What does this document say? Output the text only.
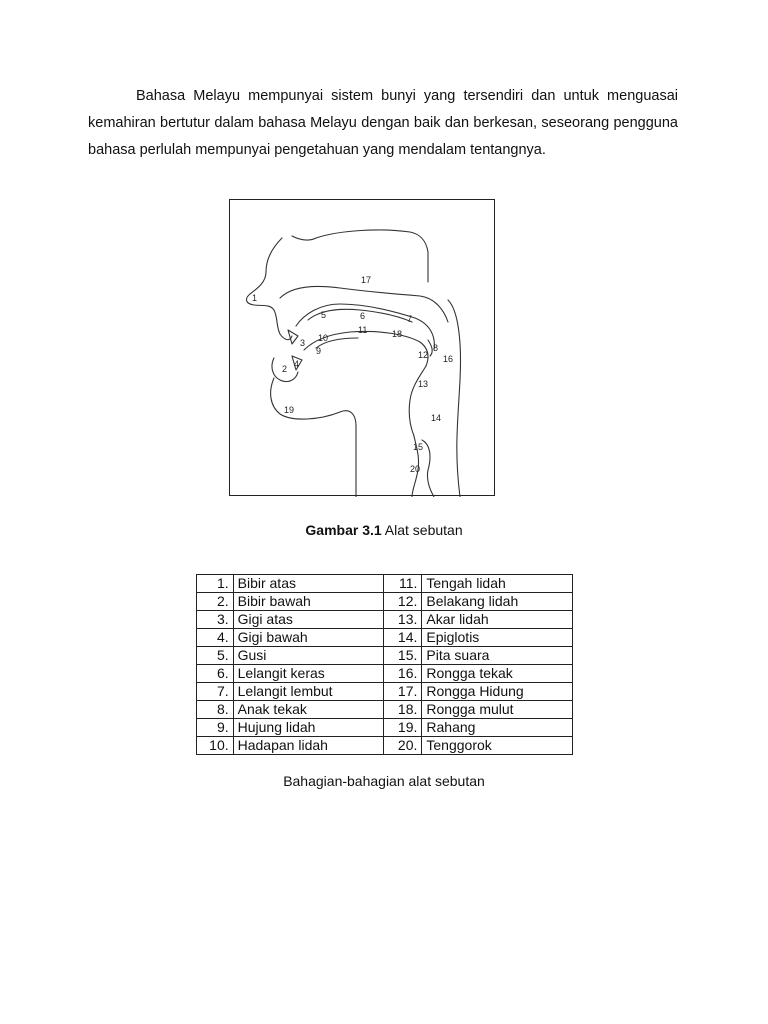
Bahasa Melayu mempunyai sistem bunyi yang tersendiri dan untuk menguasai kemahiran bertutur dalam bahasa Melayu dengan baik dan berkesan, seseorang pengguna bahasa perlulah mempunyai pengetahuan yang mendalam tentangnya.

1
2
3
4
5	6	7
8
9
10
11
12
13
14
15
16
17
18
19
20
Gambar 3.1 Alat sebutan
1.	Bibir atas	11.	Tengah lidah
2.	Bibir bawah	12.	Belakang lidah
3.	Gigi atas	13.	Akar lidah
4.	Gigi bawah	14.	Epiglotis
5.	Gusi	15.	Pita suara
6.	Lelangit keras	16.	Rongga tekak
7.	Lelangit lembut	17.	Rongga Hidung
8.	Anak tekak	18.	Rongga mulut
9.	Hujung lidah	19.	Rahang
10.	Hadapan lidah	20.	Tenggorok
Bahagian-bahagian alat sebutan
